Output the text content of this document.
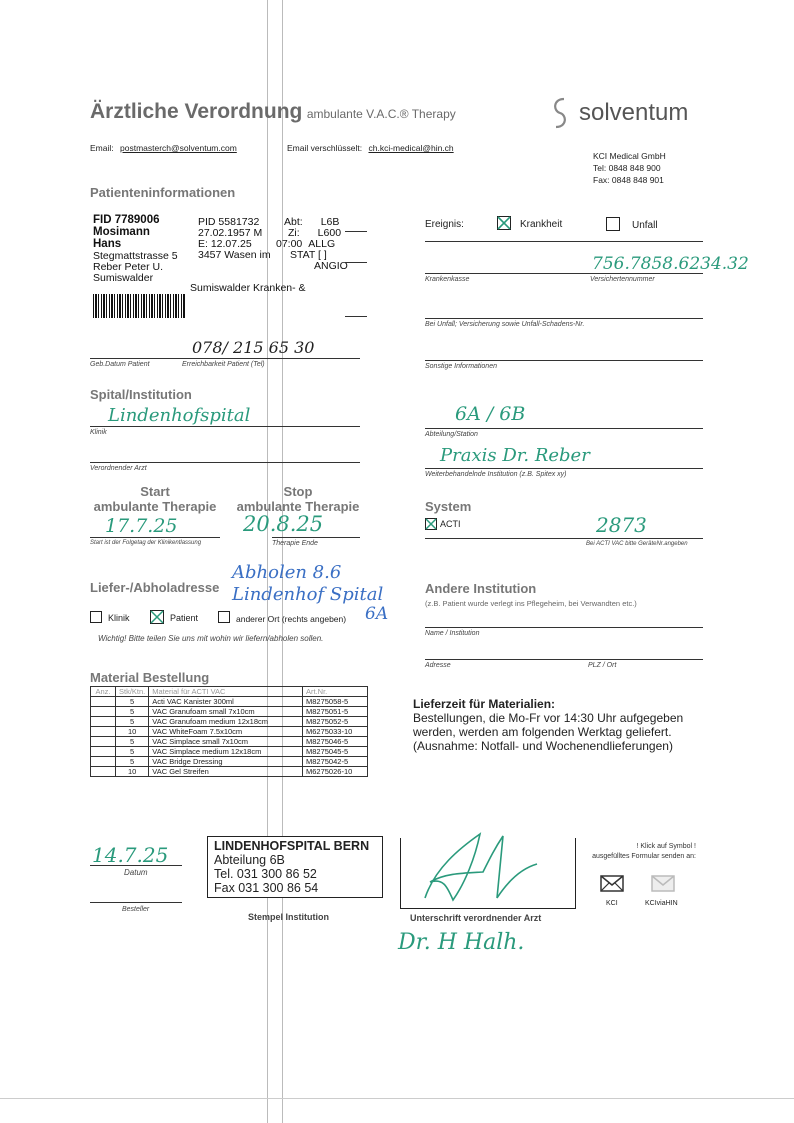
Ärztliche Verordnung ambulante V.A.C.® Therapy	solventum
Email: postmasterch@solventum.com	Email verschlüsselt: ch.kci-medical@hin.ch
KCI Medical GmbH
Tel: 0848 848 900
Fax: 0848 848 901
Patienteninformationen
FID 7789006
Mosimann
Hans
Stegmattstrasse 5
Reber Peter U.
Sumiswalder
PID 5581732
27.02.1957 M
E: 12.07.25
3457 Wasen im
Sumiswalder Kranken- &
Abt: L6B
Zi: L600
07:00 ALLG
STAT [ ]
ANGIO
078/ 215 65 30
Geb.Datum Patient	Erreichbarkeit Patient (Tel)
Ereignis:	Krankheit	Unfall
756.7858.6234.32
Krankenkasse	Versichertennummer
Bei Unfall; Versicherung sowie Unfall-Schadens-Nr.
Sonstige Informationen
Spital/Institution
Lindenhofspital
Klinik
Verordnender Arzt
6A / 6B
Abteilung/Station
Praxis Dr. Reber
Weiterbehandelnde Institution (z.B. Spitex xy)
Start
ambulante Therapie
Stop
ambulante Therapie
17.7.25	20.8.25
Start ist der Folgetag der Klinikentlassung	Therapie Ende
System
ACTI	2873
Bei ACTI VAC bitte GeräteNr.angeben
Liefer-/Abholadresse
Abholen 8.6
Lindenhof Spital
6A
Klinik	Patient	anderer Ort (rechts angeben)
Wichtig! Bitte teilen Sie uns mit wohin wir liefern/abholen sollen.
Andere Institution
(z.B. Patient wurde verlegt ins Pflegeheim, bei Verwandten etc.)
Name / Institution
Adresse	PLZ / Ort
Material Bestellung
Anz.	Stk/Ktn.	Material für ACTI VAC	Art.Nr.
	5	Acti VAC Kanister 300ml	M8275058-5
	5	VAC Granufoam small 7x10cm	M8275051-5
	5	VAC Granufoam medium 12x18cm	M8275052-5
	10	VAC WhiteFoam 7.5x10cm	M6275033-10
	5	VAC Simplace small 7x10cm	M8275046-5
	5	VAC Simplace medium 12x18cm	M8275045-5
	5	VAC Bridge Dressing	M8275042-5
	10	VAC Gel Streifen	M6275026-10
Lieferzeit für Materialien:
Bestellungen, die Mo-Fr vor 14:30 Uhr aufgegeben
werden, werden am folgenden Werktag geliefert.
(Ausnahme: Notfall- und Wochenendlieferungen)
14.7.25
Datum
Besteller
LINDENHOFSPITAL BERN
Abteilung 6B
Tel. 031 300 86 52
Fax 031 300 86 54
Stempel Institution	Unterschrift verordnender Arzt
Dr. H Halh.
! Klick auf Symbol !
ausgefülltes Formular senden an:
KCI	KCIviaHIN
